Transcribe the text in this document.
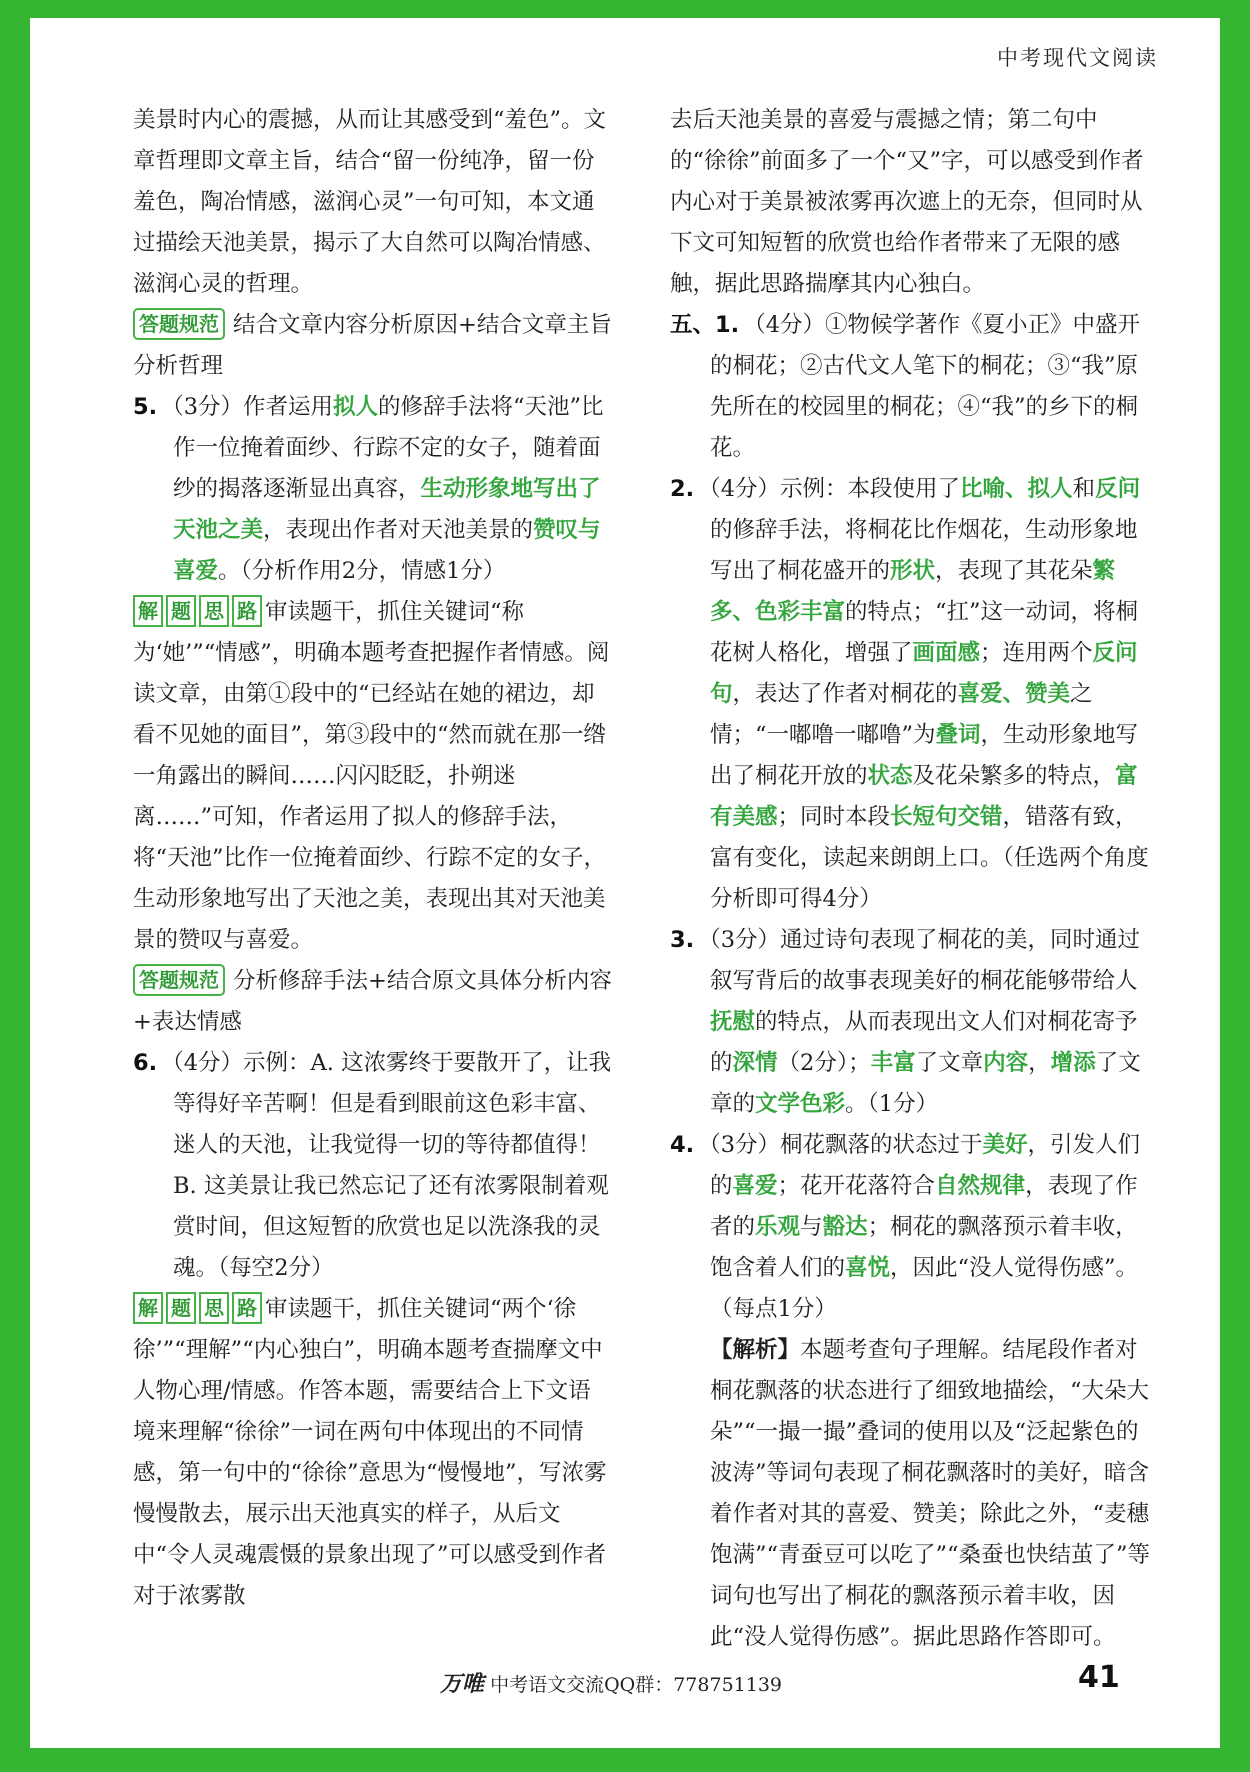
中考现代文阅读

美景时内心的震撼，从而让其感受到“羞色”。文章哲理即文章主旨，结合“留一份纯净，留一份羞色，陶冶情感，滋润心灵”一句可知，本文通过描绘天池美景，揭示了大自然可以陶冶情感、滋润心灵的哲理。

答题规范 结合文章内容分析原因+结合文章主旨分析哲理

5. （3分）作者运用拟人的修辞手法将“天池”比作一位掩着面纱、行踪不定的女子，随着面纱的揭落逐渐显出真容，生动形象地写出了天池之美，表现出作者对天池美景的赞叹与喜爱。（分析作用2分，情感1分）

解 题 思 路 审读题干，抓住关键词“称为‘她’”“情感”，明确本题考查把握作者情感。阅读文章，由第①段中的“已经站在她的裙边，却看不见她的面目”，第③段中的“然而就在那一绺一角露出的瞬间……闪闪眨眨，扑朔迷离……”可知，作者运用了拟人的修辞手法，将“天池”比作一位掩着面纱、行踪不定的女子，生动形象地写出了天池之美，表现出其对天池美景的赞叹与喜爱。

答题规范 分析修辞手法+结合原文具体分析内容+表达情感

6. （4分）示例：A. 这浓雾终于要散开了，让我等得好辛苦啊！但是看到眼前这色彩丰富、迷人的天池，让我觉得一切的等待都值得！B. 这美景让我已然忘记了还有浓雾限制着观赏时间，但这短暂的欣赏也足以洗涤我的灵魂。（每空2分）

解 题 思 路 审读题干，抓住关键词“两个‘徐徐’”“理解”“内心独白”，明确本题考查揣摩文中人物心理/情感。作答本题，需要结合上下文语境来理解“徐徐”一词在两句中体现出的不同情感，第一句中的“徐徐”意思为“慢慢地”，写浓雾慢慢散去，展示出天池真实的样子，从后文中“令人灵魂震慑的景象出现了”可以感受到作者对于浓雾散

去后天池美景的喜爱与震撼之情；第二句中的“徐徐”前面多了一个“又”字，可以感受到作者内心对于美景被浓雾再次遮上的无奈，但同时从下文可知短暂的欣赏也给作者带来了无限的感触，据此思路揣摩其内心独白。

五、1. （4分）①物候学著作《夏小正》中盛开的桐花；②古代文人笔下的桐花；③“我”原先所在的校园里的桐花；④“我”的乡下的桐花。

2. （4分）示例：本段使用了比喻、拟人和反问的修辞手法，将桐花比作烟花，生动形象地写出了桐花盛开的形状，表现了其花朵繁多、色彩丰富的特点；“扛”这一动词，将桐花树人格化，增强了画面感；连用两个反问句，表达了作者对桐花的喜爱、赞美之情；“一嘟噜一嘟噜”为叠词，生动形象地写出了桐花开放的状态及花朵繁多的特点，富有美感；同时本段长短句交错，错落有致，富有变化，读起来朗朗上口。（任选两个角度分析即可得4分）

3. （3分）通过诗句表现了桐花的美，同时通过叙写背后的故事表现美好的桐花能够带给人抚慰的特点，从而表现出文人们对桐花寄予的深情（2分）；丰富了文章内容，增添了文章的文学色彩。（1分）

4. （3分）桐花飘落的状态过于美好，引发人们的喜爱；花开花落符合自然规律，表现了作者的乐观与豁达；桐花的飘落预示着丰收，饱含着人们的喜悦，因此“没人觉得伤感”。（每点1分）

【解析】本题考查句子理解。结尾段作者对桐花飘落的状态进行了细致地描绘，“大朵大朵”“一撮一撮”叠词的使用以及“泛起紫色的波涛”等词句表现了桐花飘落时的美好，暗含着作者对其的喜爱、赞美；除此之外，“麦穗饱满”“青蚕豆可以吃了”“桑蚕也快结茧了”等词句也写出了桐花的飘落预示着丰收，因此“没人觉得伤感”。据此思路作答即可。

万唯 中考语文交流QQ群：778751139	41
